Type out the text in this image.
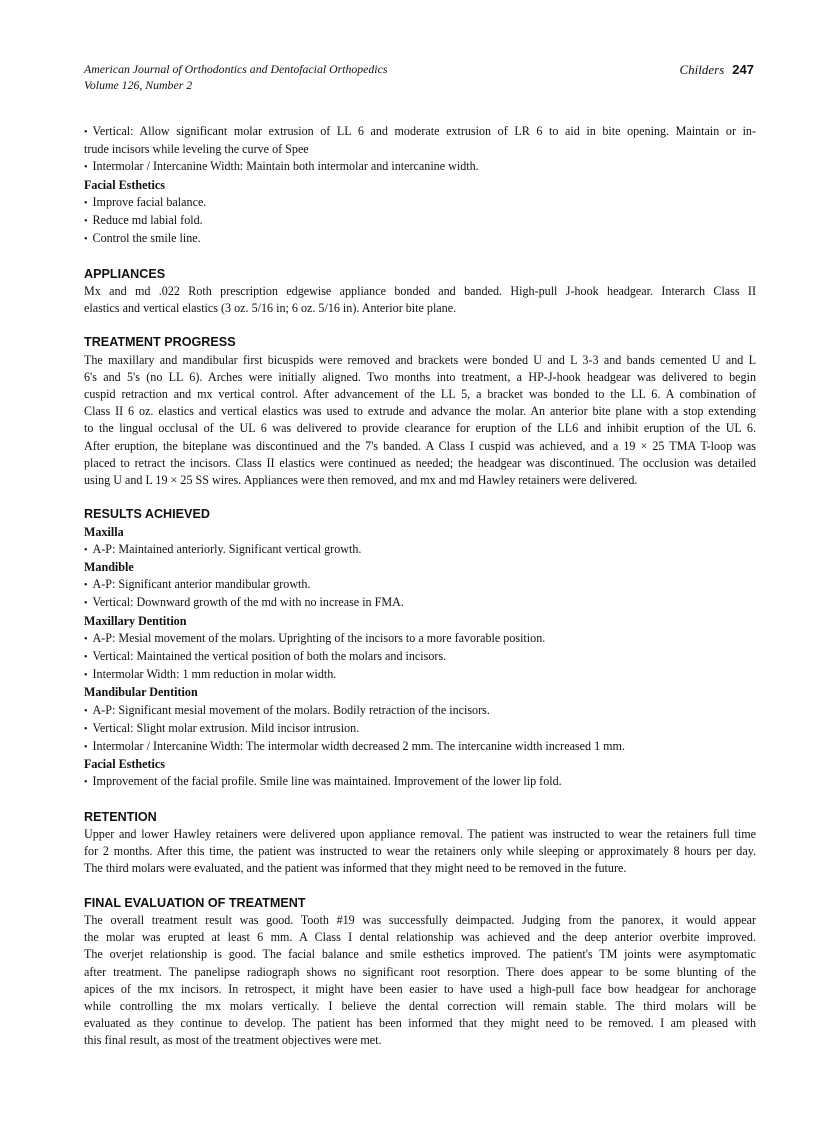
American Journal of Orthodontics and Dentofacial Orthopedics
Volume 126, Number 2
Childers 247
• Vertical: Allow significant molar extrusion of LL 6 and moderate extrusion of LR 6 to aid in bite opening. Maintain or in-
trude incisors while leveling the curve of Spee
• Intermolar / Intercanine Width: Maintain both intermolar and intercanine width.
Facial Esthetics
• Improve facial balance.
• Reduce md labial fold.
• Control the smile line.
APPLIANCES
Mx and md .022 Roth prescription edgewise appliance bonded and banded. High-pull J-hook headgear. Interarch Class II
elastics and vertical elastics (3 oz. 5/16 in; 6 oz. 5/16 in). Anterior bite plane.
TREATMENT PROGRESS
The maxillary and mandibular first bicuspids were removed and brackets were bonded U and L 3-3 and bands cemented U and L
6's and 5's (no LL 6). Arches were initially aligned. Two months into treatment, a HP-J-hook headgear was delivered to begin
cuspid retraction and mx vertical control. After advancement of the LL 5, a bracket was bonded to the LL 6. A combination of
Class II 6 oz. elastics and vertical elastics was used to extrude and advance the molar. An anterior bite plane with a stop extending
to the lingual occlusal of the UL 6 was delivered to provide clearance for eruption of the LL6 and inhibit eruption of the UL 6.
After eruption, the biteplane was discontinued and the 7's banded. A Class I cuspid was achieved, and a 19 × 25 TMA T-loop was
placed to retract the incisors. Class II elastics were continued as needed; the headgear was discontinued. The occlusion was detailed
using U and L 19 × 25 SS wires. Appliances were then removed, and mx and md Hawley retainers were delivered.
RESULTS ACHIEVED
Maxilla
• A-P: Maintained anteriorly. Significant vertical growth.
Mandible
• A-P: Significant anterior mandibular growth.
• Vertical: Downward growth of the md with no increase in FMA.
Maxillary Dentition
• A-P: Mesial movement of the molars. Uprighting of the incisors to a more favorable position.
• Vertical: Maintained the vertical position of both the molars and incisors.
• Intermolar Width: 1 mm reduction in molar width.
Mandibular Dentition
• A-P: Significant mesial movement of the molars. Bodily retraction of the incisors.
• Vertical: Slight molar extrusion. Mild incisor intrusion.
• Intermolar / Intercanine Width: The intermolar width decreased 2 mm. The intercanine width increased 1 mm.
Facial Esthetics
• Improvement of the facial profile. Smile line was maintained. Improvement of the lower lip fold.
RETENTION
Upper and lower Hawley retainers were delivered upon appliance removal. The patient was instructed to wear the retainers full time
for 2 months. After this time, the patient was instructed to wear the retainers only while sleeping or approximately 8 hours per day.
The third molars were evaluated, and the patient was informed that they might need to be removed in the future.
FINAL EVALUATION OF TREATMENT
The overall treatment result was good. Tooth #19 was successfully deimpacted. Judging from the panorex, it would appear
the molar was erupted at least 6 mm. A Class I dental relationship was achieved and the deep anterior overbite improved.
The overjet relationship is good. The facial balance and smile esthetics improved. The patient's TM joints were asymptomatic
after treatment. The panelipse radiograph shows no significant root resorption. There does appear to be some blunting of the
apices of the mx incisors. In retrospect, it might have been easier to have used a high-pull face bow headgear for anchorage
while controlling the mx molars vertically. I believe the dental correction will remain stable. The third molars will be
evaluated as they continue to develop. The patient has been informed that they might need to be removed. I am pleased with
this final result, as most of the treatment objectives were met.
